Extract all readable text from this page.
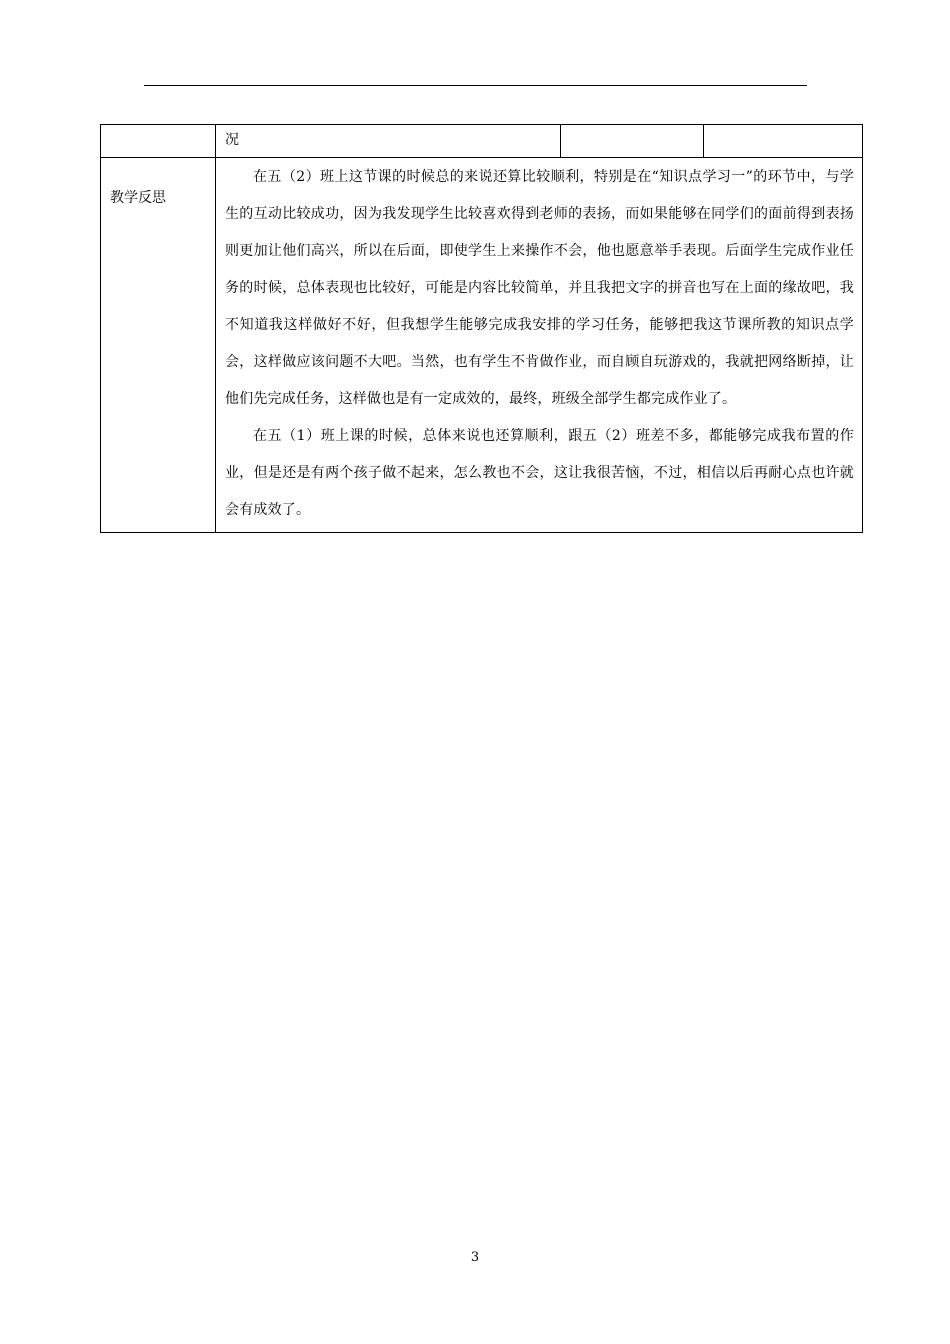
	况		
教学反思	在五（2）班上这节课的时候总的来说还算比较顺利，特别是在“知识点学习一”的环节中，与学生的互动比较成功，因为我发现学生比较喜欢得到老师的表扬，而如果能够在同学们的面前得到表扬则更加让他们高兴，所以在后面，即使学生上来操作不会，他也愿意举手表现。后面学生完成作业任务的时候，总体表现也比较好，可能是内容比较简单，并且我把文字的拼音也写在上面的缘故吧，我不知道我这样做好不好，但我想学生能够完成我安排的学习任务，能够把我这节课所教的知识点学会，这样做应该问题不大吧。当然，也有学生不肯做作业，而自顾自玩游戏的，我就把网络断掉，让他们先完成任务，这样做也是有一定成效的，最终，班级全部学生都完成作业了。

在五（1）班上课的时候，总体来说也还算顺利，跟五（2）班差不多，都能够完成我布置的作业，但是还是有两个孩子做不起来，怎么教也不会，这让我很苦恼，不过，相信以后再耐心点也许就会有成效了。		

3
